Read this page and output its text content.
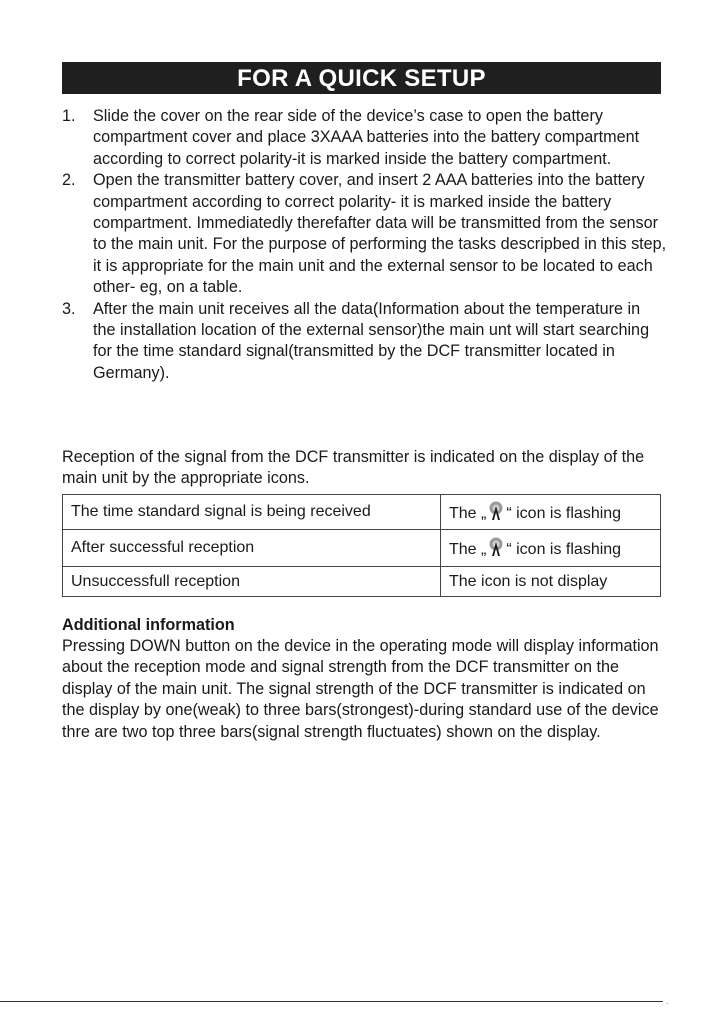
FOR A QUICK SETUP
1. Slide the cover on the rear side of the device’s case to open the battery compartment cover and place 3XAAA batteries into the battery compartment according to correct polarity-it is marked inside the battery compartment.
2. Open the transmitter battery cover, and insert 2 AAA batteries into the battery compartment according to correct polarity- it is marked inside the battery compartment. Immediatedly therefafter data will be transmitted from the sensor to the main unit. For the purpose of performing the tasks descripbed in this step, it is appropriate for the main unit and the external sensor to be located to each other- eg, on a table.
3. After the main unit receives all the data(Information about the temperature in the installation location of the external sensor)the main unt will start searching for the time standard signal(transmitted by the DCF transmitter located in Germany).

Reception of the signal from the DCF transmitter is indicated on the display of the main unit by the appropriate icons.

The time standard signal is being received	The „ “ icon is flashing
After successful reception	The „ “ icon is flashing
Unsuccessfull reception	The icon is not display
Additional information

Pressing DOWN button on the device in the operating mode will display information about the reception mode and signal strength from the DCF transmitter on the display of the main unit. The signal strength of the DCF transmitter is indicated on the display by one(weak) to three bars(strongest)-during standard use of the device thre are two top three bars(signal strength fluctuates) shown on the display.

.
